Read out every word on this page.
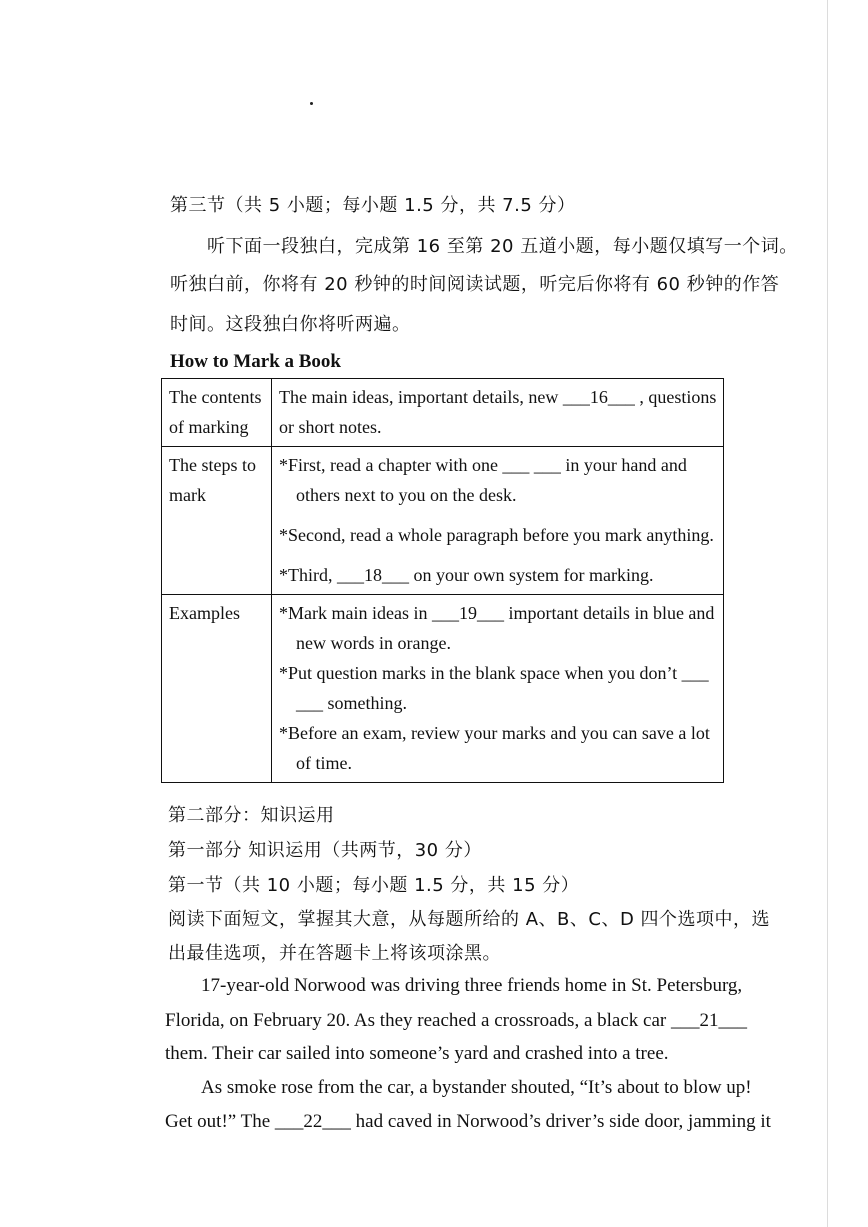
第三节（共 5 小题；每小题 1.5 分，共 7.5 分）
听下面一段独白，完成第 16 至第 20 五道小题，每小题仅填写一个词。
听独白前，你将有 20 秒钟的时间阅读试题，听完后你将有 60 秒钟的作答
时间。这段独白你将听两遍。
How to Mark a Book
The contents of marking	The main ideas, important details, new ___16___ , questions or short notes.

The steps to mark	*First, read a chapter with one ___ ___ in your hand and others next to you on the desk.
*Second, read a whole paragraph before you mark anything.
*Third, ___18___ on your own system for marking.

Examples	*Mark main ideas in ___19___ important details in blue and new words in orange.
*Put question marks in the blank space when you don’t ___ ___ something.
*Before an exam, review your marks and you can save a lot of time.
第二部分：知识运用
第一部分 知识运用（共两节，30 分）
第一节（共 10 小题；每小题 1.5 分，共 15 分）
阅读下面短文，掌握其大意，从每题所给的 A、B、C、D 四个选项中，选
出最佳选项，并在答题卡上将该项涂黑。
17-year-old Norwood was driving three friends home in St. Petersburg,
Florida, on February 20. As they reached a crossroads, a black car ___21___
them. Their car sailed into someone’s yard and crashed into a tree.
As smoke rose from the car, a bystander shouted, “It’s about to blow up!
Get out!” The ___22___ had caved in Norwood’s driver’s side door, jamming it
